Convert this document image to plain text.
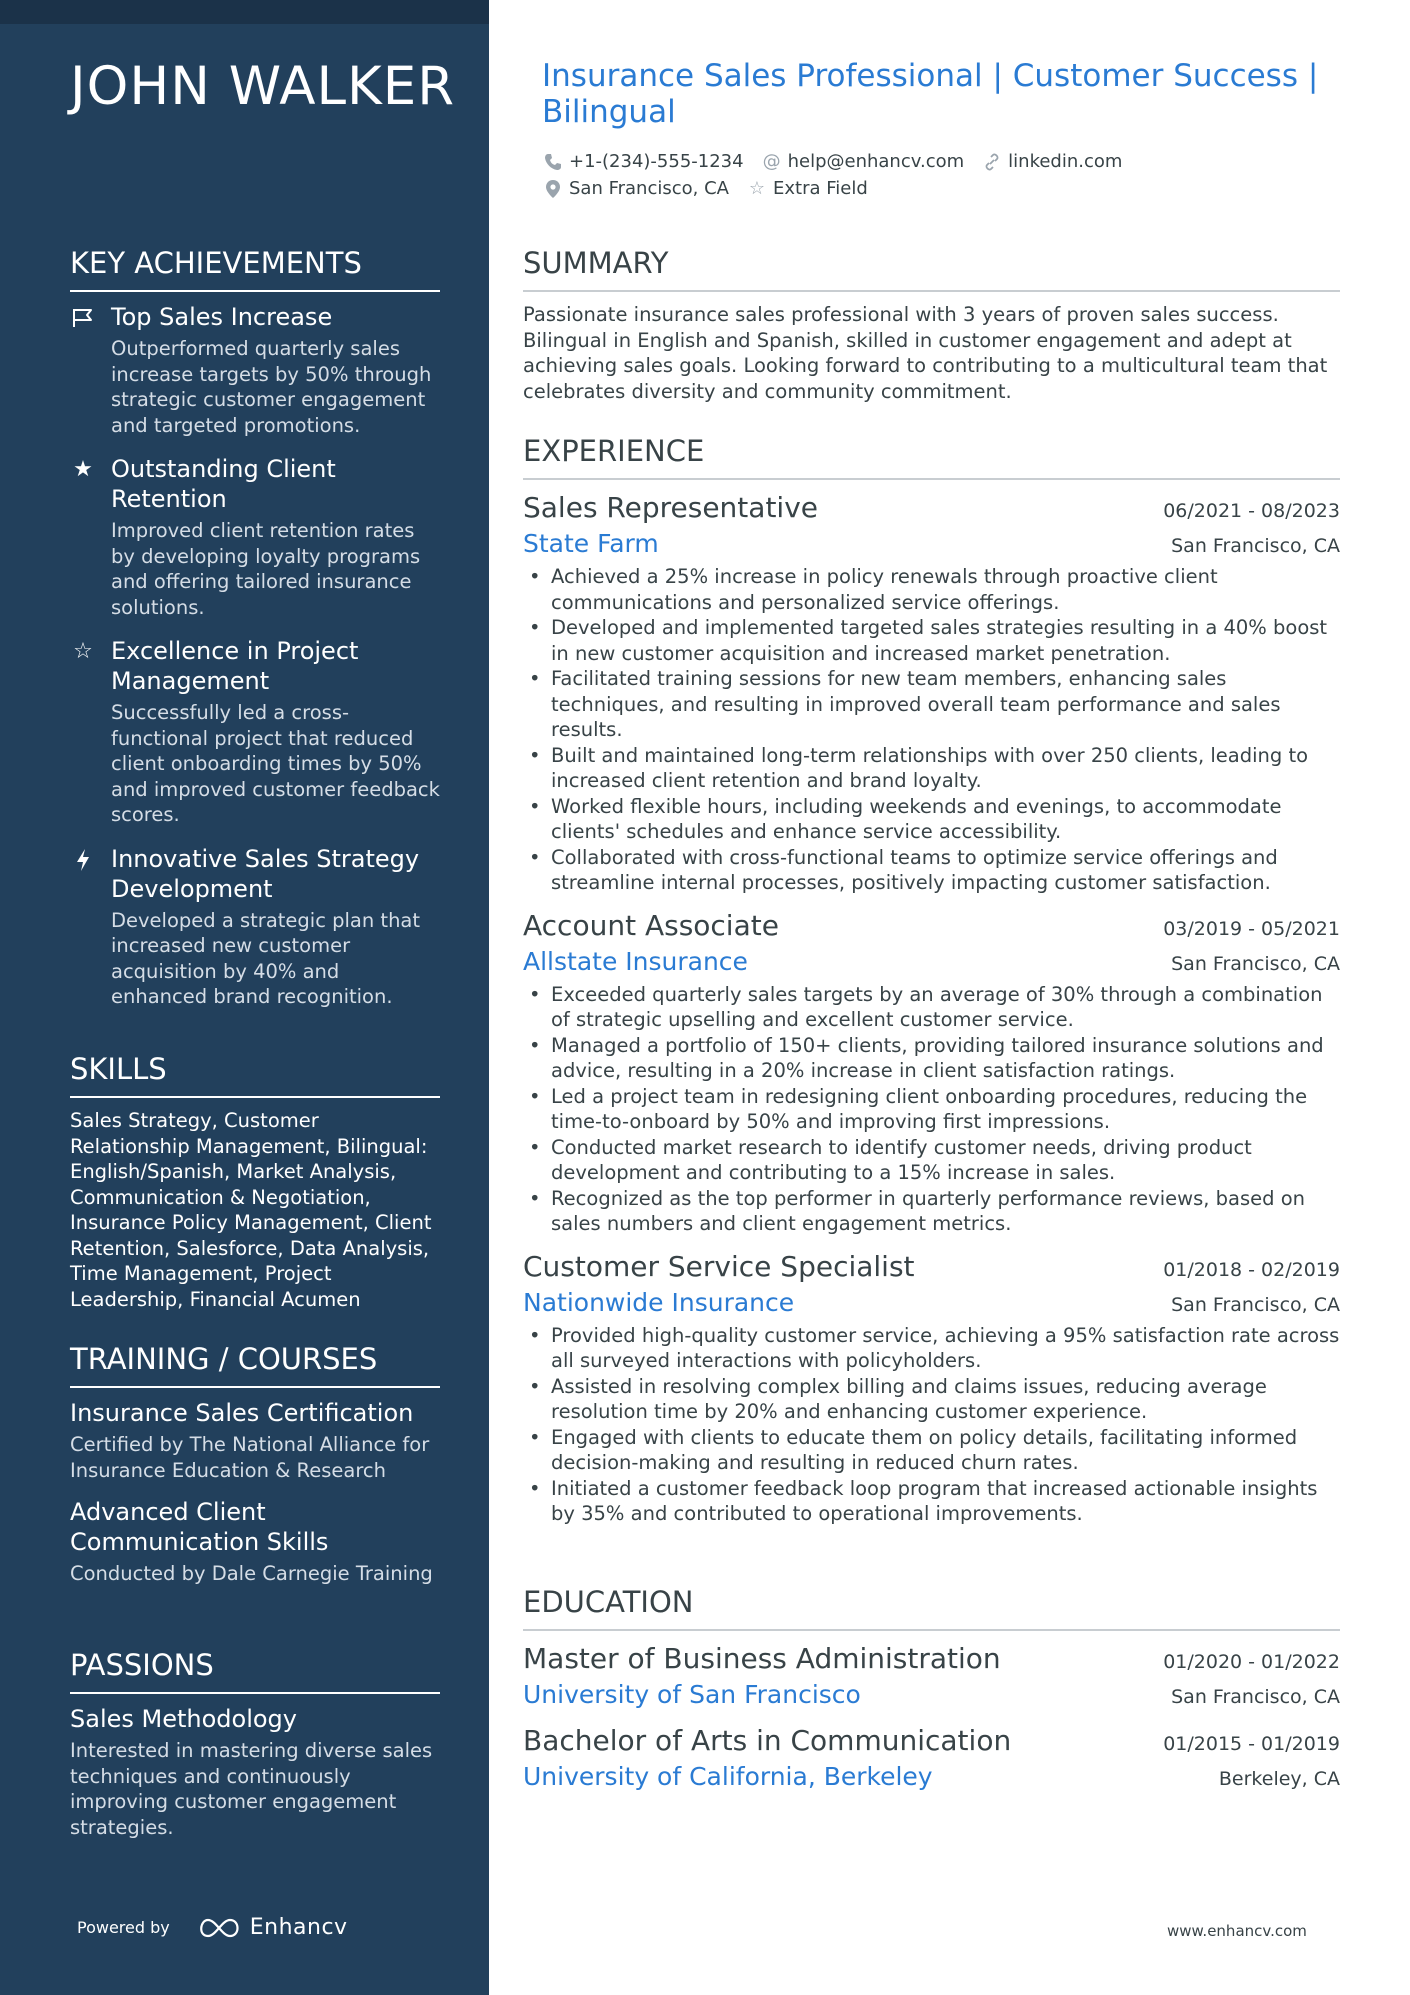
JOHN WALKER
KEY ACHIEVEMENTS
Top Sales Increase
Outperformed quarterly sales increase targets by 50% through strategic customer engagement and targeted promotions.
★ Outstanding Client Retention
Improved client retention rates by developing loyalty programs and offering tailored insurance solutions.
☆ Excellence in Project Management
Successfully led a cross-functional project that reduced client onboarding times by 50% and improved customer feedback scores.
Innovative Sales Strategy Development
Developed a strategic plan that increased new customer acquisition by 40% and enhanced brand recognition.
SKILLS
Sales Strategy, Customer Relationship Management, Bilingual: English/Spanish, Market Analysis, Communication & Negotiation, Insurance Policy Management, Client Retention, Salesforce, Data Analysis, Time Management, Project Leadership, Financial Acumen
TRAINING / COURSES
Insurance Sales Certification
Certified by The National Alliance for Insurance Education & Research
Advanced Client Communication Skills
Conducted by Dale Carnegie Training
PASSIONS
Sales Methodology
Interested in mastering diverse sales techniques and continuously improving customer engagement strategies.
Powered by	Enhancv
Insurance Sales Professional | Customer Success | Bilingual
+1-(234)-555-1234 @ help@enhancv.com linkedin.com
San Francisco, CA ☆ Extra Field
SUMMARY
Passionate insurance sales professional with 3 years of proven sales success. Bilingual in English and Spanish, skilled in customer engagement and adept at achieving sales goals. Looking forward to contributing to a multicultural team that celebrates diversity and community commitment.
EXPERIENCE
Sales Representative	06/2021 - 08/2023
State Farm	San Francisco, CA
• Achieved a 25% increase in policy renewals through proactive client communications and personalized service offerings.
• Developed and implemented targeted sales strategies resulting in a 40% boost in new customer acquisition and increased market penetration.
• Facilitated training sessions for new team members, enhancing sales techniques, and resulting in improved overall team performance and sales results.
• Built and maintained long-term relationships with over 250 clients, leading to increased client retention and brand loyalty.
• Worked flexible hours, including weekends and evenings, to accommodate clients' schedules and enhance service accessibility.
• Collaborated with cross-functional teams to optimize service offerings and streamline internal processes, positively impacting customer satisfaction.
Account Associate	03/2019 - 05/2021
Allstate Insurance	San Francisco, CA
• Exceeded quarterly sales targets by an average of 30% through a combination of strategic upselling and excellent customer service.
• Managed a portfolio of 150+ clients, providing tailored insurance solutions and advice, resulting in a 20% increase in client satisfaction ratings.
• Led a project team in redesigning client onboarding procedures, reducing the time-to-onboard by 50% and improving first impressions.
• Conducted market research to identify customer needs, driving product development and contributing to a 15% increase in sales.
• Recognized as the top performer in quarterly performance reviews, based on sales numbers and client engagement metrics.
Customer Service Specialist	01/2018 - 02/2019
Nationwide Insurance	San Francisco, CA
• Provided high-quality customer service, achieving a 95% satisfaction rate across all surveyed interactions with policyholders.
• Assisted in resolving complex billing and claims issues, reducing average resolution time by 20% and enhancing customer experience.
• Engaged with clients to educate them on policy details, facilitating informed decision-making and resulting in reduced churn rates.
• Initiated a customer feedback loop program that increased actionable insights by 35% and contributed to operational improvements.
EDUCATION
Master of Business Administration	01/2020 - 01/2022
University of San Francisco	San Francisco, CA
Bachelor of Arts in Communication	01/2015 - 01/2019
University of California, Berkeley	Berkeley, CA
www.enhancv.com
